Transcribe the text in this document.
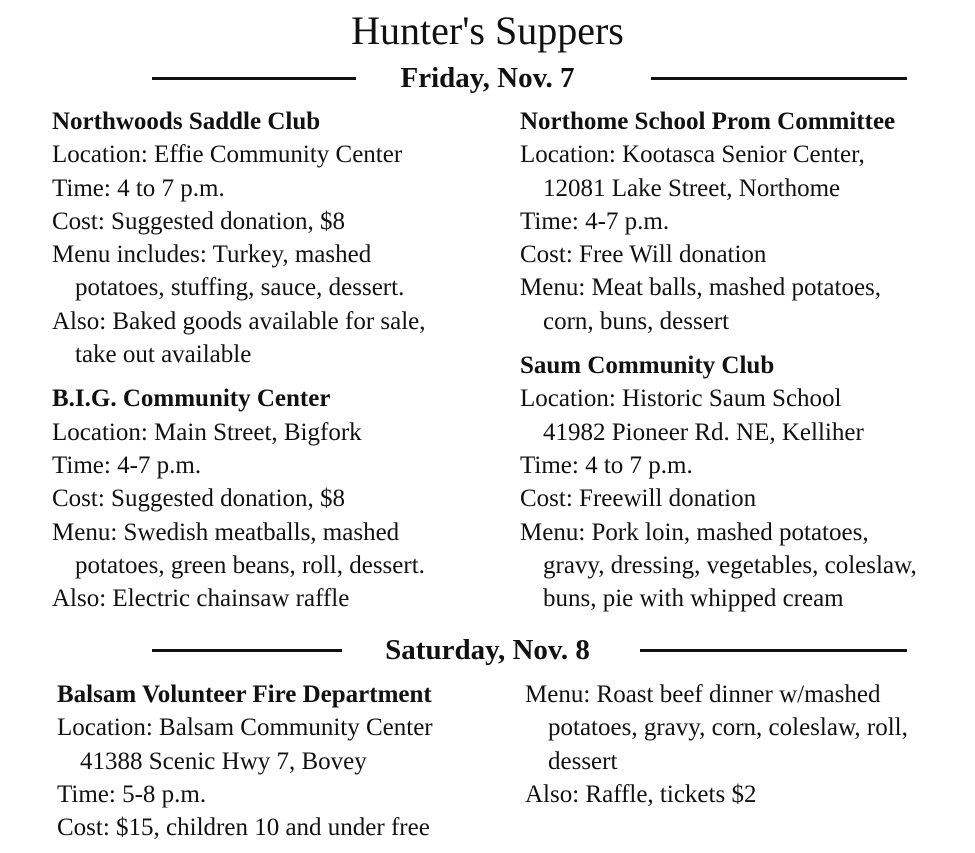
Hunter's Suppers
Friday, Nov. 7
Northwoods Saddle Club
Location: Effie Community Center
Time: 4 to 7 p.m.
Cost: Suggested donation, $8
Menu includes: Turkey, mashed
potatoes, stuffing, sauce, dessert.
Also: Baked goods available for sale,
take out available
B.I.G. Community Center
Location: Main Street, Bigfork
Time: 4-7 p.m.
Cost: Suggested donation, $8
Menu: Swedish meatballs, mashed
potatoes, green beans, roll, dessert.
Also: Electric chainsaw raffle
Northome School Prom Committee
Location: Kootasca Senior Center,
12081 Lake Street, Northome
Time: 4-7 p.m.
Cost: Free Will donation
Menu: Meat balls, mashed potatoes,
corn, buns, dessert
Saum Community Club
Location: Historic Saum School
41982 Pioneer Rd. NE, Kelliher
Time: 4 to 7 p.m.
Cost: Freewill donation
Menu: Pork loin, mashed potatoes,
gravy, dressing, vegetables, coleslaw,
buns, pie with whipped cream
Saturday, Nov. 8
Balsam Volunteer Fire Department
Location: Balsam Community Center
41388 Scenic Hwy 7, Bovey
Time: 5-8 p.m.
Cost: $15, children 10 and under free
Menu: Roast beef dinner w/mashed
potatoes, gravy, corn, coleslaw, roll,
dessert
Also: Raffle, tickets $2
